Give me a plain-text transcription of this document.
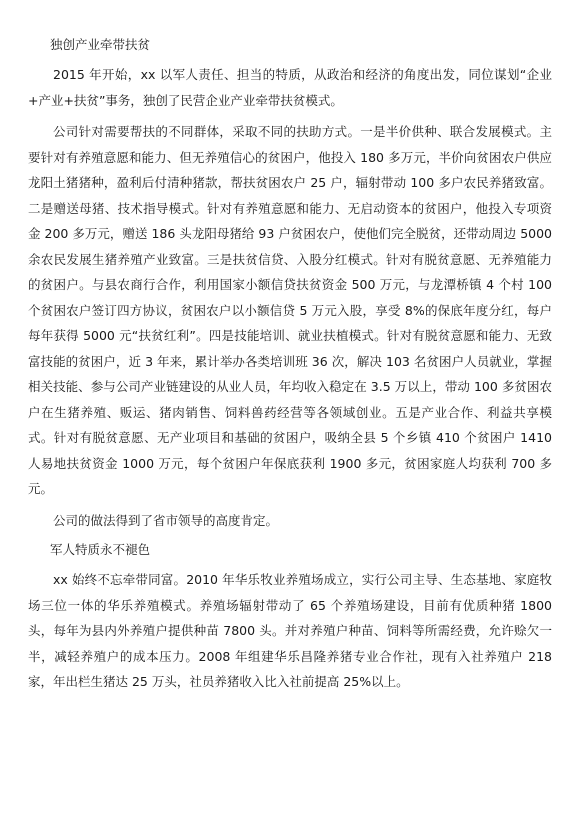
独创产业牵带扶贫

2015 年开始，xx 以军人责任、担当的特质，从政治和经济的角度出发，同位谋划“企业+产业+扶贫”事务，独创了民营企业产业牵带扶贫模式。

公司针对需要帮扶的不同群体，采取不同的扶助方式。一是半价供种、联合发展模式。主要针对有养殖意愿和能力、但无养殖信心的贫困户，他投入 180 多万元，半价向贫困农户供应龙阳土猪猪种，盈利后付清种猪款，帮扶贫困农户 25 户，辐射带动 100 多户农民养猪致富。二是赠送母猪、技术指导模式。针对有养殖意愿和能力、无启动资本的贫困户，他投入专项资金 200 多万元，赠送 186 头龙阳母猪给 93 户贫困农户，使他们完全脱贫，还带动周边 5000 余农民发展生猪养殖产业致富。三是扶贫信贷、入股分红模式。针对有脱贫意愿、无养殖能力的贫困户。与县农商行合作，利用国家小额信贷扶贫资金 500 万元，与龙潭桥镇 4 个村 100 个贫困农户签订四方协议，贫困农户以小额信贷 5 万元入股，享受 8%的保底年度分红，每户每年获得 5000 元“扶贫红利”。四是技能培训、就业扶植模式。针对有脱贫意愿和能力、无致富技能的贫困户，近 3 年来，累计举办各类培训班 36 次，解决 103 名贫困户人员就业，掌握相关技能、参与公司产业链建设的从业人员，年均收入稳定在 3.5 万以上，带动 100 多贫困农户在生猪养殖、贩运、猪肉销售、饲料兽药经营等各领域创业。五是产业合作、利益共享模式。针对有脱贫意愿、无产业项目和基础的贫困户，吸纳全县 5 个乡镇 410 个贫困户 1410 人易地扶贫资金 1000 万元，每个贫困户年保底获利 1900 多元，贫困家庭人均获利 700 多元。

公司的做法得到了省市领导的高度肯定。

军人特质永不褪色

xx 始终不忘牵带同富。2010 年华乐牧业养殖场成立，实行公司主导、生态基地、家庭牧场三位一体的华乐养殖模式。养殖场辐射带动了 65 个养殖场建设，目前有优质种猪 1800 头，每年为县内外养殖户提供种苗 7800 头。并对养殖户种苗、饲料等所需经费，允许赊欠一半，减轻养殖户的成本压力。2008 年组建华乐昌隆养猪专业合作社，现有入社养殖户 218 家，年出栏生猪达 25 万头，社员养猪收入比入社前提高 25%以上。
